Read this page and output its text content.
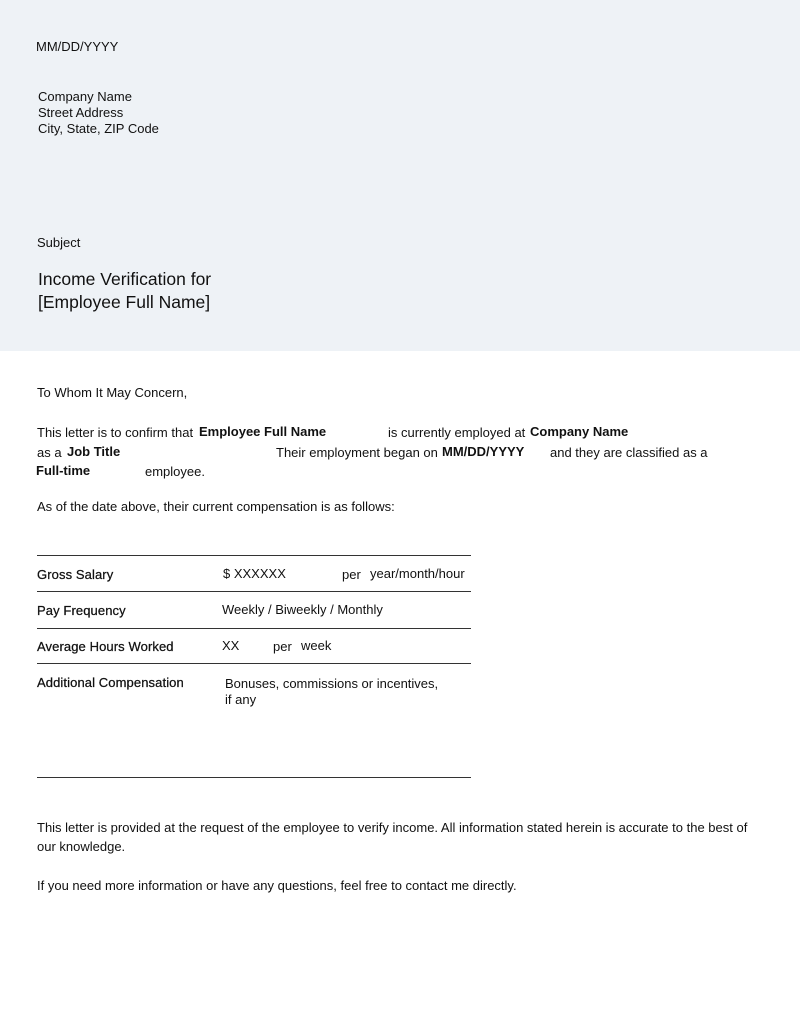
MM/DD/YYYY
Company Name
Street Address
City, State, ZIP Code
Subject
Income Verification for
[Employee Full Name]
To Whom It May Concern,
This letter is to confirm that Employee Full Name	is currently employed at Company Name
as a Job Title	Their employment began on MM/DD/YYYY and they are classified as a
Full-time	employee.
As of the date above, their current compensation is as follows:
Gross Salary	$ XXXXXX	per year/month/hour
Pay Frequency	Weekly / Biweekly / Monthly
Average Hours Worked	XX	per week
Additional Compensation	Bonuses, commissions or incentives,
if any
This letter is provided at the request of the employee to verify income. All information stated herein is accurate to the best of
our knowledge.
If you need more information or have any questions, feel free to contact me directly.
